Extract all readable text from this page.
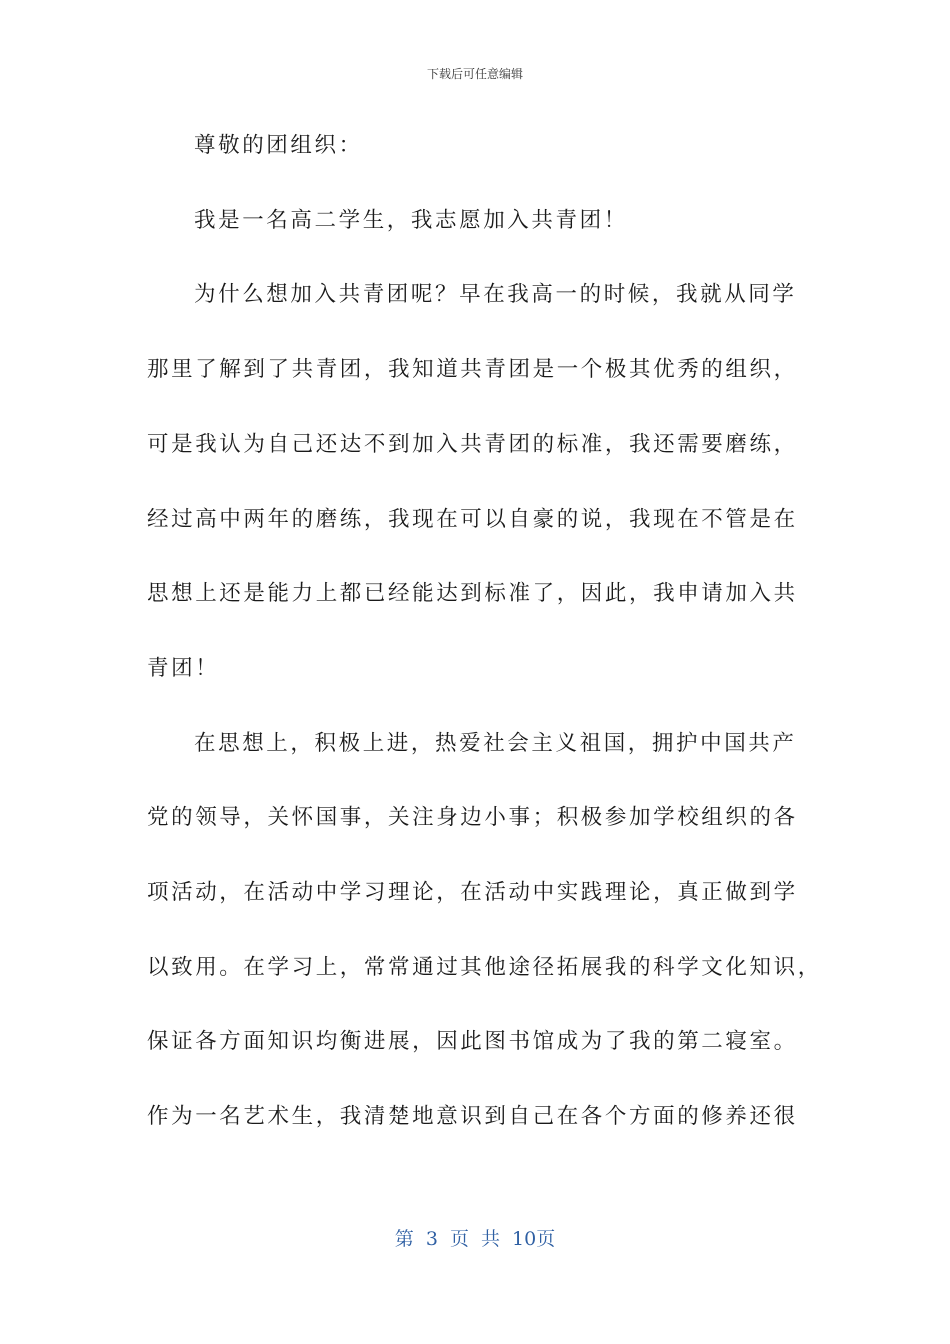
下载后可任意编辑
尊敬的团组织：
我是一名高二学生，我志愿加入共青团！
为什么想加入共青团呢？早在我高一的时候，我就从同学
那里了解到了共青团，我知道共青团是一个极其优秀的组织，
可是我认为自己还达不到加入共青团的标准，我还需要磨练，
经过高中两年的磨练，我现在可以自豪的说，我现在不管是在
思想上还是能力上都已经能达到标准了，因此，我申请加入共
青团！
在思想上，积极上进，热爱社会主义祖国，拥护中国共产
党的领导，关怀国事，关注身边小事；积极参加学校组织的各
项活动，在活动中学习理论，在活动中实践理论，真正做到学
以致用。在学习上，常常通过其他途径拓展我的科学文化知识，
保证各方面知识均衡进展，因此图书馆成为了我的第二寝室。
作为一名艺术生，我清楚地意识到自己在各个方面的修养还很
第 3 页 共 10页
